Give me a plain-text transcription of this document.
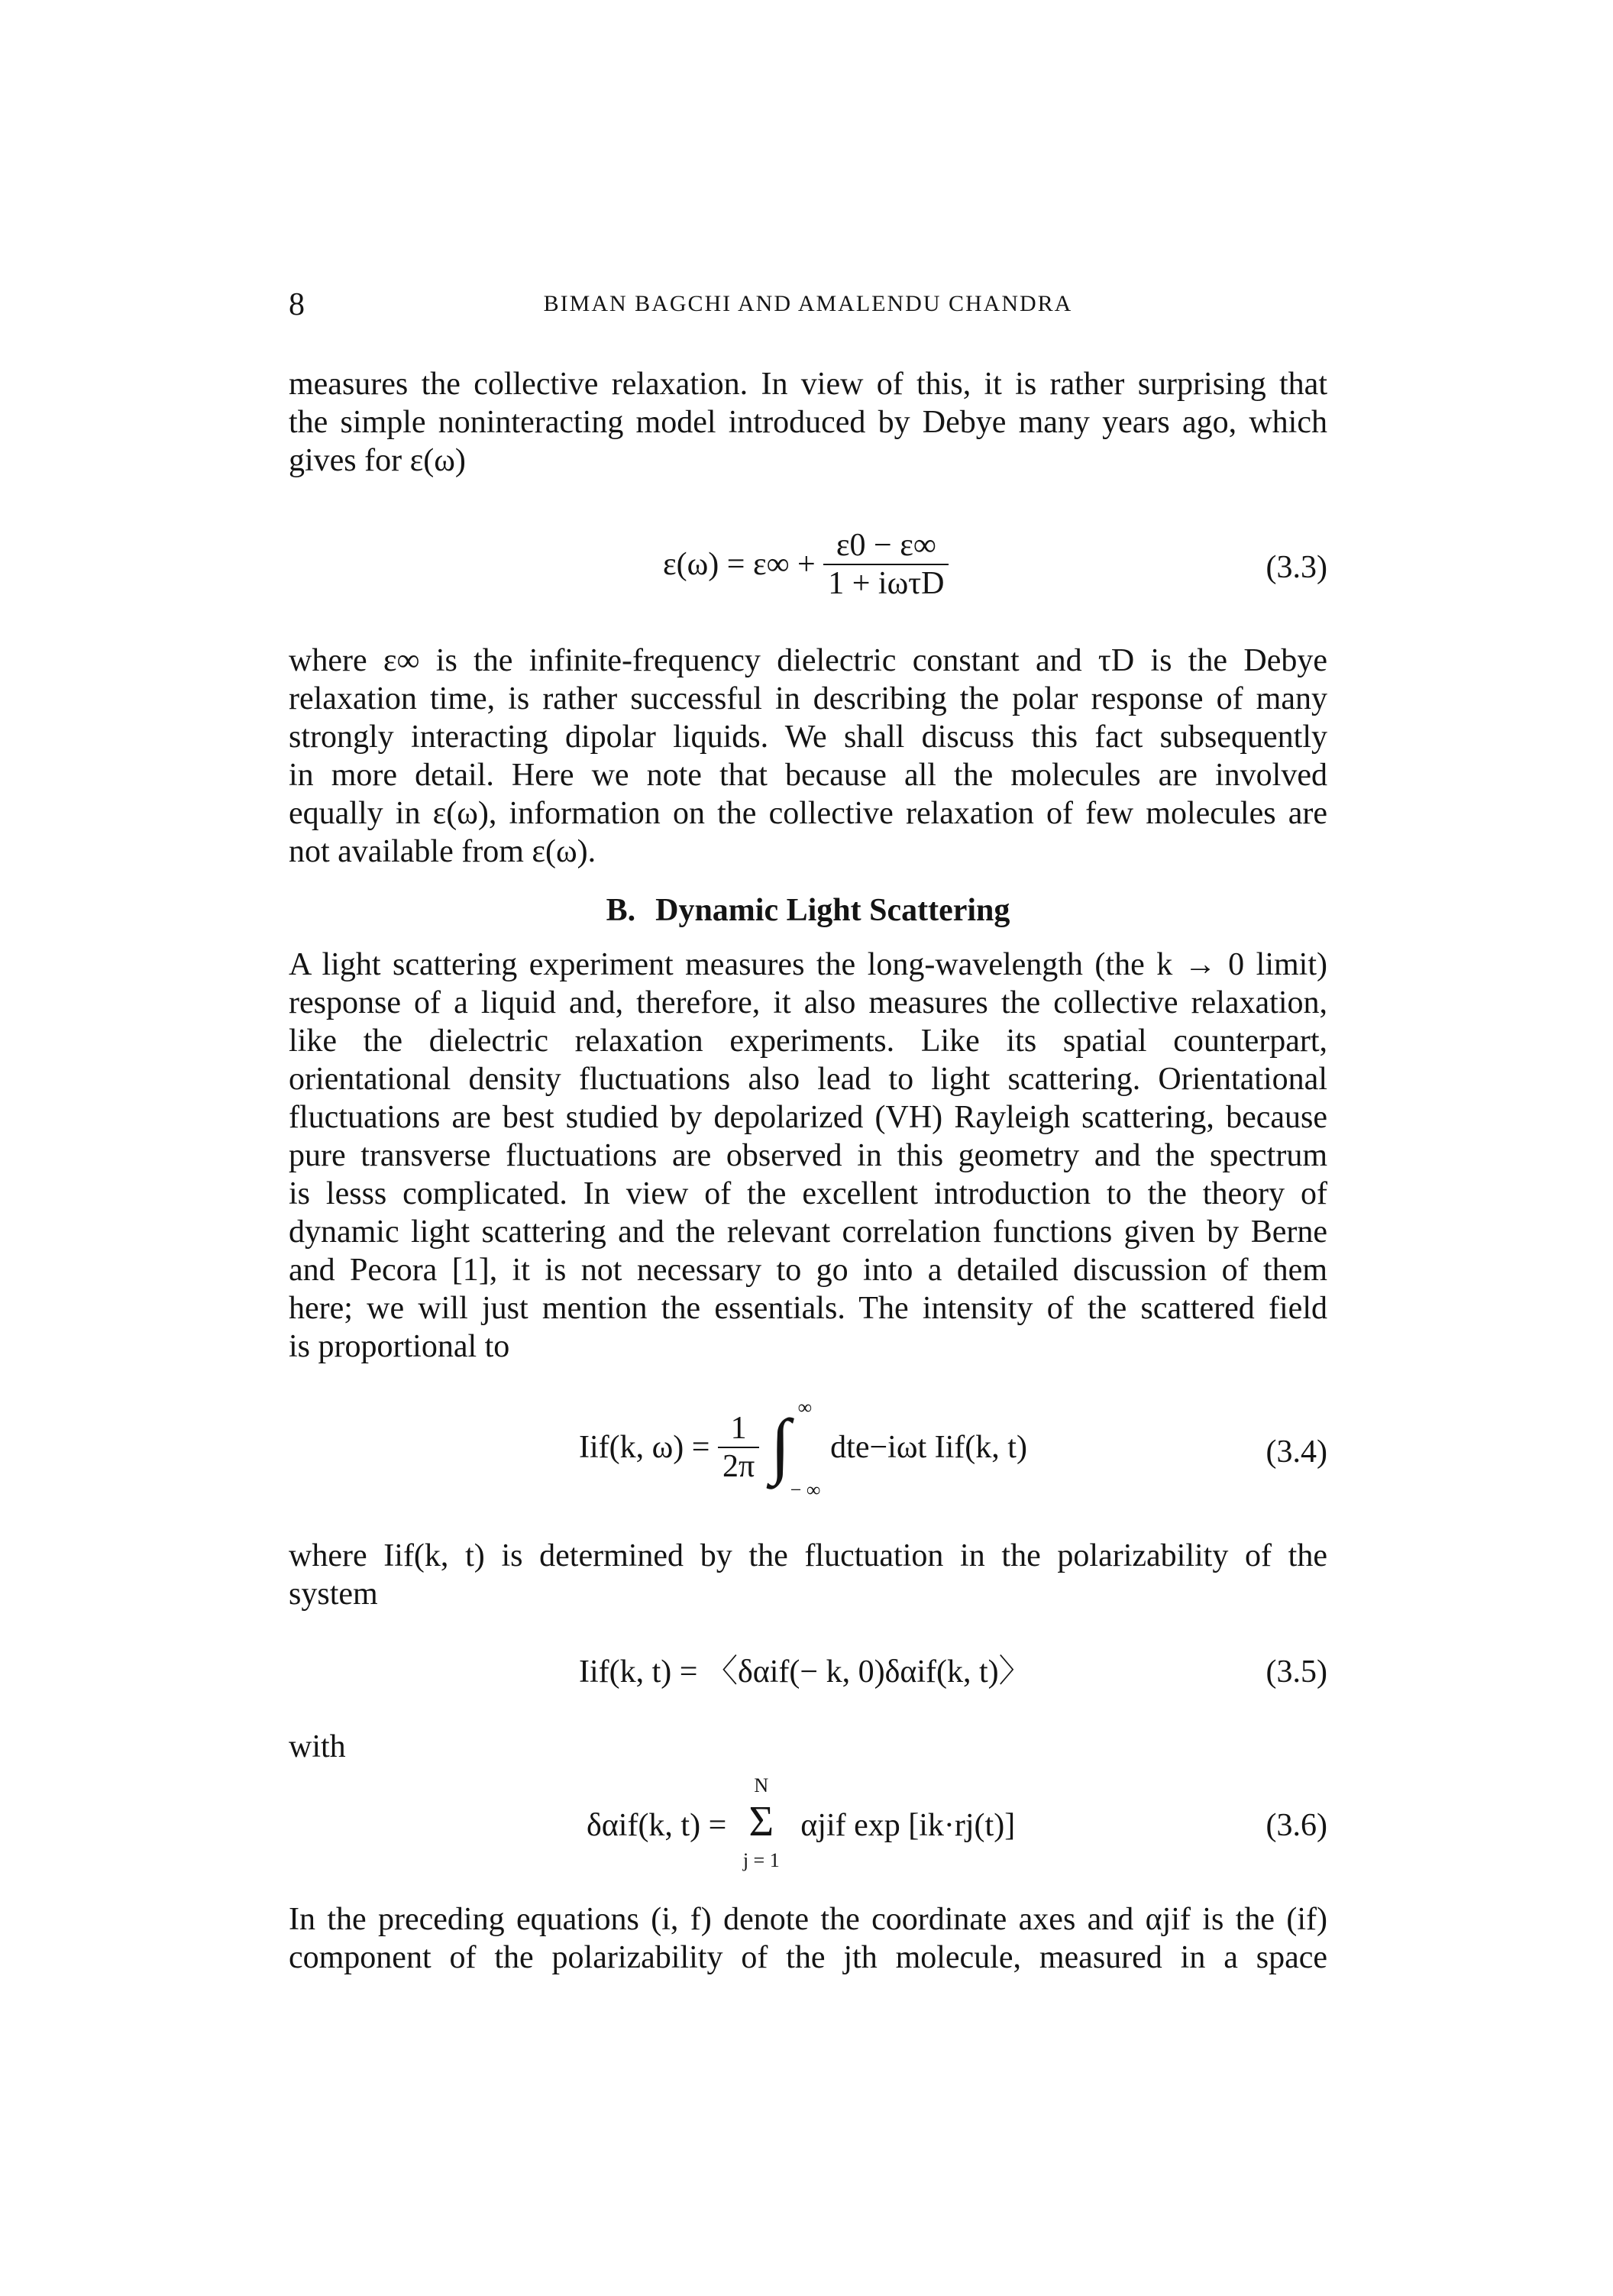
8	BIMAN BAGCHI AND AMALENDU CHANDRA

measures the collective relaxation. In view of this, it is rather surprising that
the simple noninteracting model introduced by Debye many years ago, which
gives for ε(ω)

$\varepsilon(\omega) = \varepsilon\infty + \frac{\varepsilon 0 - \varepsilon\infty}{\text{1 + iωτD}}$	(3.3)

where ε∞ is the infinite-frequency dielectric constant and τD is the Debye
relaxation time, is rather successful in describing the polar response of many
strongly interacting dipolar liquids. We shall discuss this fact subsequently
in more detail. Here we note that because all the molecules are involved
equally in ε(ω), information on the collective relaxation of few molecules are
not available from ε(ω).

B. Dynamic Light Scattering

A light scattering experiment measures the long-wavelength (the k → 0 limit)
response of a liquid and, therefore, it also measures the collective relaxation,
like the dielectric relaxation experiments. Like its spatial counterpart,
orientational density fluctuations also lead to light scattering. Orientational
fluctuations are best studied by depolarized (VH) Rayleigh scattering, because
pure transverse fluctuations are observed in this geometry and the spectrum
is lesss complicated. In view of the excellent introduction to the theory of
dynamic light scattering and the relevant correlation functions given by Berne
and Pecora [1], it is not necessary to go into a detailed discussion of them
here; we will just mention the essentials. The intensity of the scattered field
is proportional to

Iif(k, $\omega) = \frac{1}{2\pi}$
∫ ∞
− ∞
dte−iωt Iif(k, t)	(3.4)

where Iif(k, t) is determined by the fluctuation in the polarizability of the
system

Iif(k, t) = 〈δαif(− k, 0)δαif(k, t)〉	(3.5)

with

δαif(k, t) =
N
Σ
j = 1
αjif exp [ik·rj(t)]	(3.6)

In the preceding equations (i, f) denote the coordinate axes and αjif is the (if)
component of the polarizability of the jth molecule, measured in a space
